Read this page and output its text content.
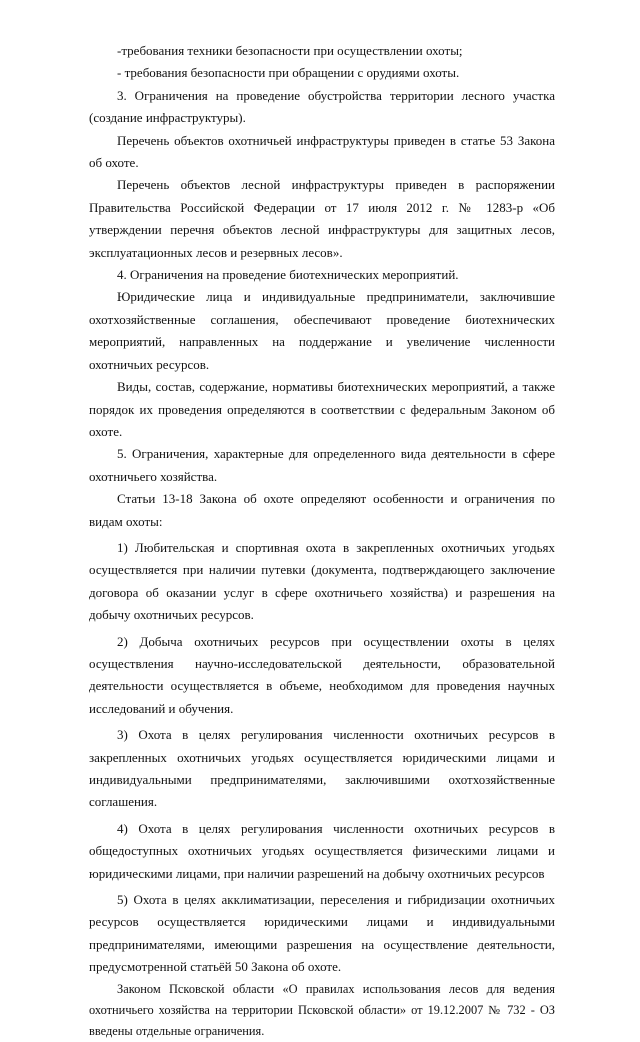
-требования техники безопасности при осуществлении охоты;

- требования безопасности при обращении с орудиями охоты.

3. Ограничения на проведение обустройства территории лесного участка (создание инфраструктуры).

Перечень объектов охотничьей инфраструктуры приведен в статье 53 Закона об охоте.

Перечень объектов лесной инфраструктуры приведен в распоряжении Правительства Российской Федерации от 17 июля 2012 г. № 1283-р «Об утверждении перечня объектов лесной инфраструктуры для защитных лесов, эксплуатационных лесов и резервных лесов».

4. Ограничения на проведение биотехнических мероприятий.

Юридические лица и индивидуальные предприниматели, заключившие охотхозяйственные соглашения, обеспечивают проведение биотехнических мероприятий, направленных на поддержание и увеличение численности охотничьих ресурсов.

Виды, состав, содержание, нормативы биотехнических мероприятий, а также порядок их проведения определяются в соответствии с федеральным Законом об охоте.

5. Ограничения, характерные для определенного вида деятельности в сфере охотничьего хозяйства.

Статьи 13-18 Закона об охоте определяют особенности и ограничения по видам охоты:

1) Любительская и спортивная охота в закрепленных охотничьих угодьях осуществляется при наличии путевки (документа, подтверждающего заключение договора об оказании услуг в сфере охотничьего хозяйства) и разрешения на добычу охотничьих ресурсов.

2) Добыча охотничьих ресурсов при осуществлении охоты в целях осуществления научно-исследовательской деятельности, образовательной деятельности осуществляется в объеме, необходимом для проведения научных исследований и обучения.

3) Охота в целях регулирования численности охотничьих ресурсов в закрепленных охотничьих угодьях осуществляется юридическими лицами и индивидуальными предпринимателями, заключившими охотхозяйственные соглашения.

4) Охота в целях регулирования численности охотничьих ресурсов в общедоступных охотничьих угодьях осуществляется физическими лицами и юридическими лицами, при наличии разрешений на добычу охотничьих ресурсов

5) Охота в целях акклиматизации, переселения и гибридизации охотничьих ресурсов осуществляется юридическими лицами и индивидуальными предпринимателями, имеющими разрешения на осуществление деятельности, предусмотренной статьёй 50 Закона об охоте.

Законом Псковской области «О правилах использования лесов для ведения охотничьего хозяйства на территории Псковской области» от 19.12.2007 № 732 - ОЗ введены отдельные ограничения.
